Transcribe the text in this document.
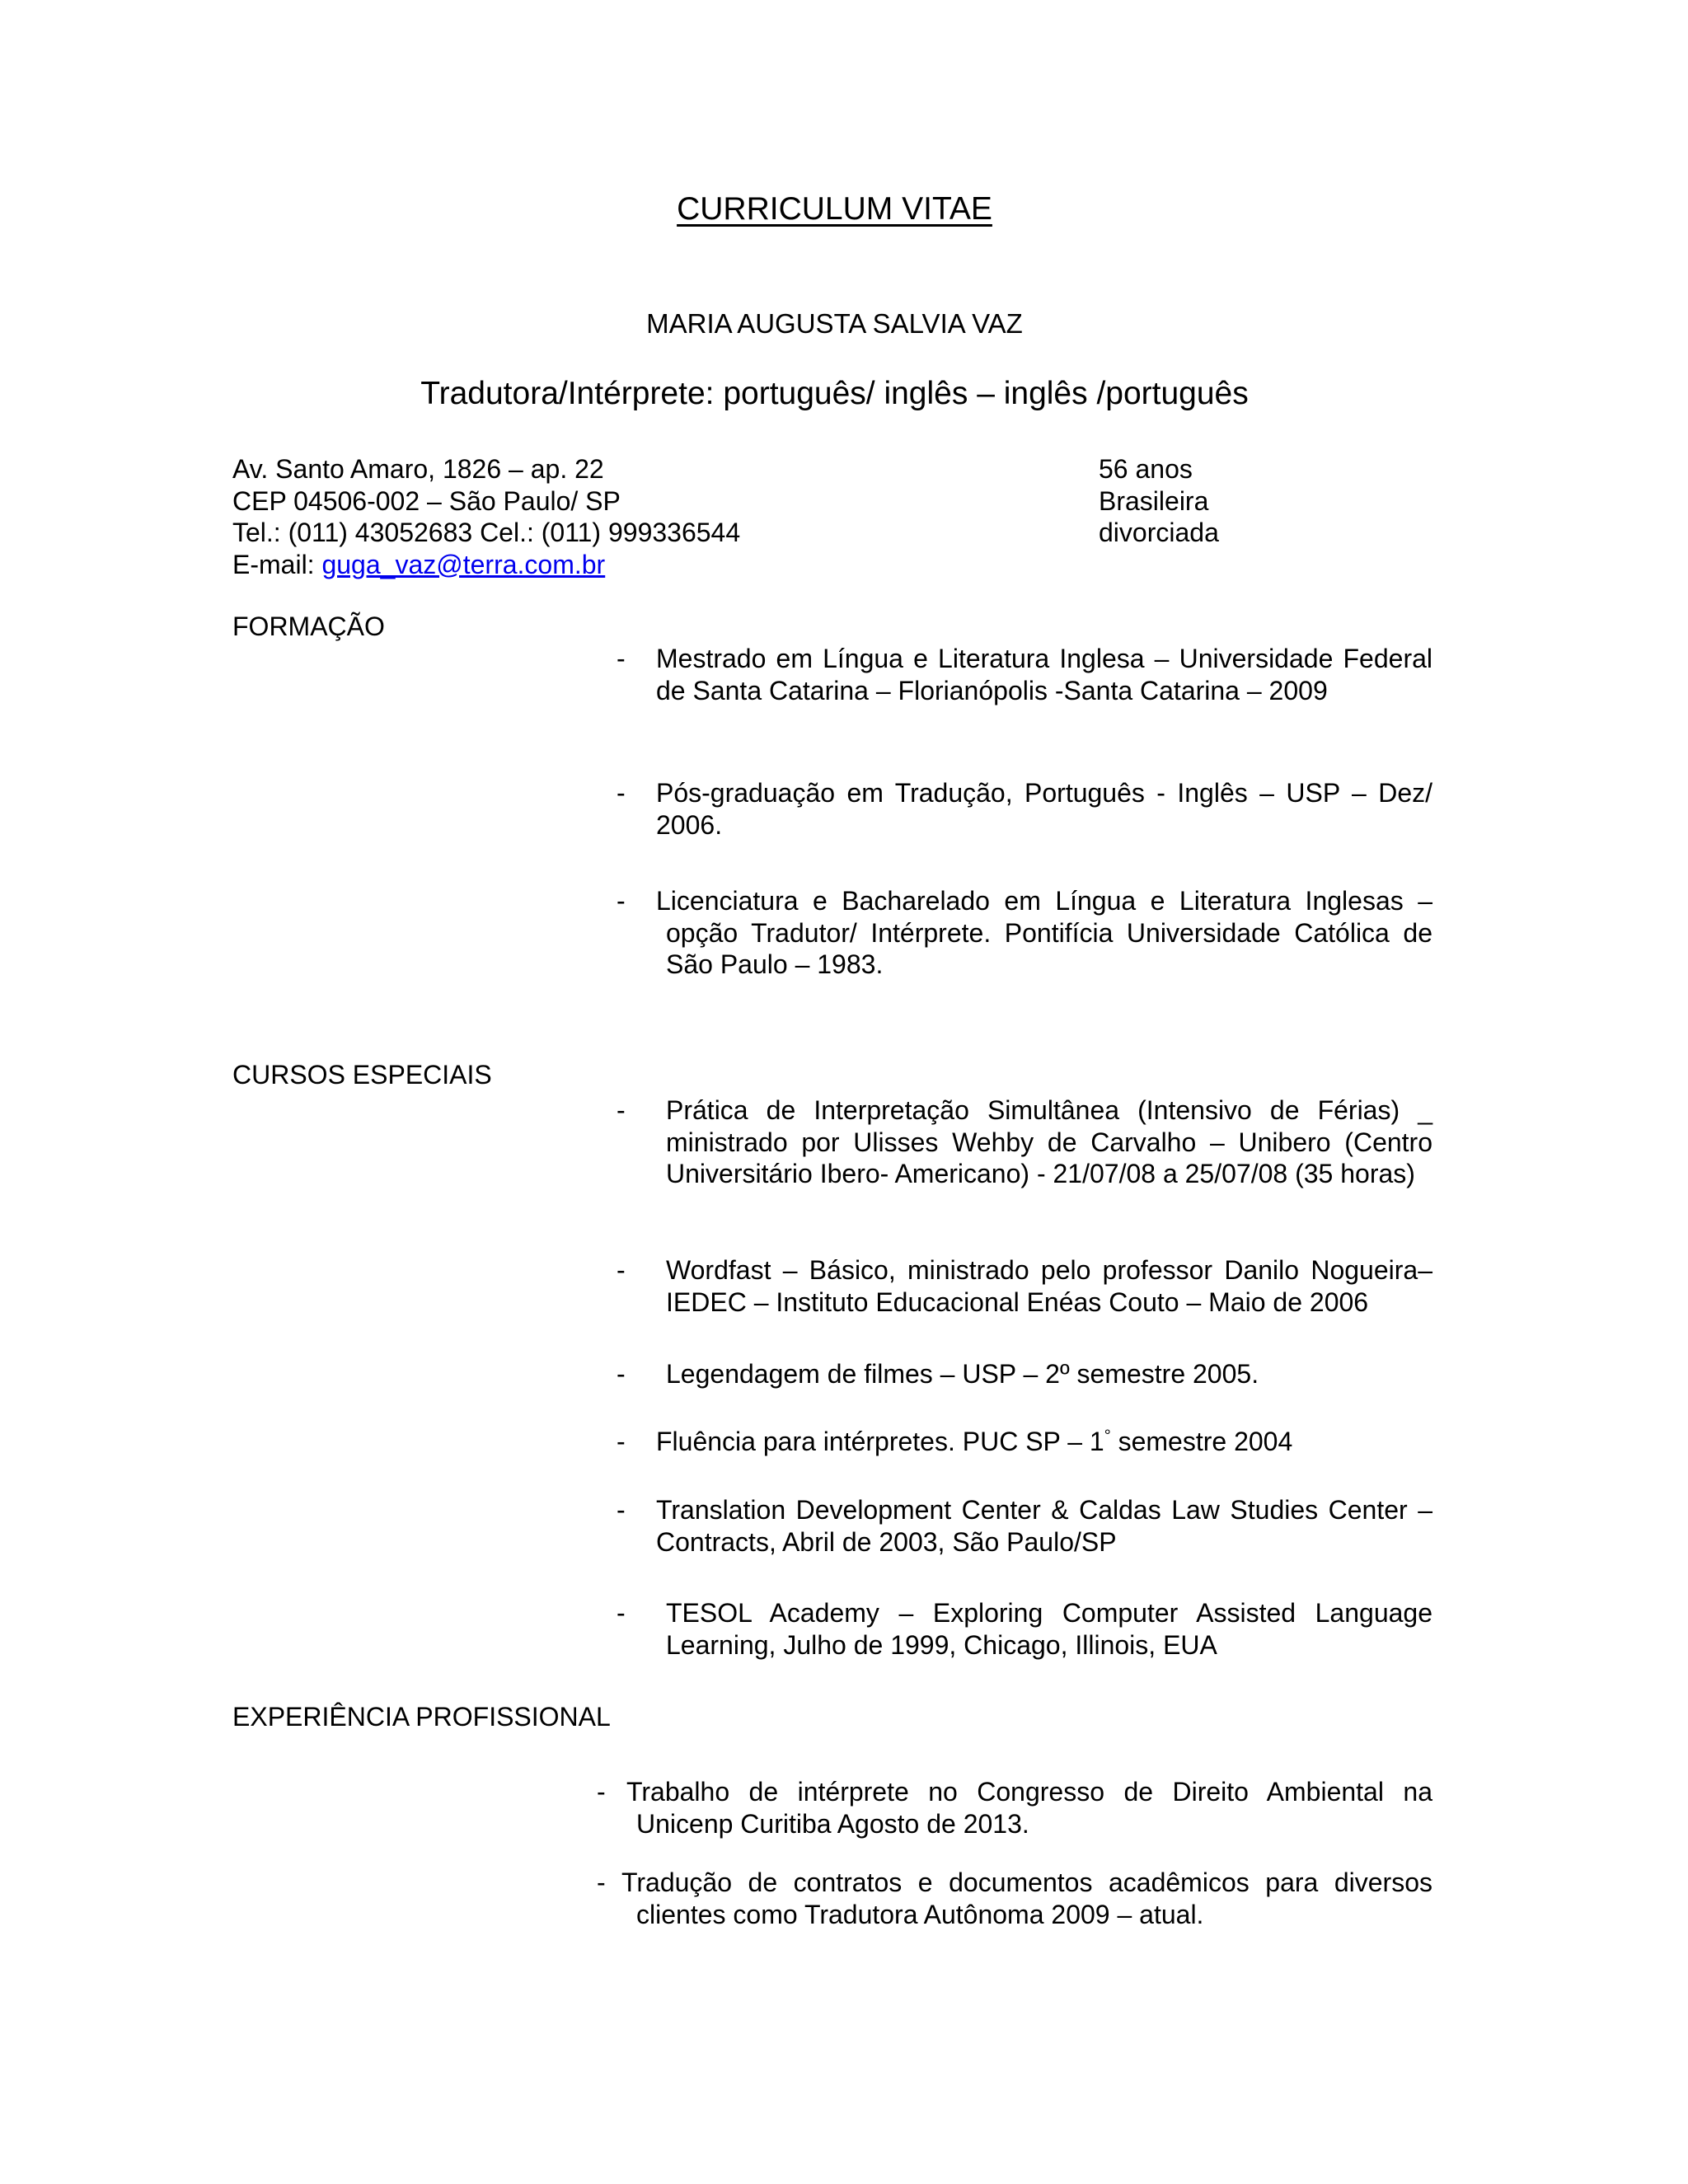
CURRICULUM VITAE
MARIA AUGUSTA SALVIA VAZ
Tradutora/Intérprete: português/ inglês – inglês /português
Av. Santo Amaro, 1826 – ap. 22
CEP 04506-002 – São Paulo/ SP
Tel.: (011) 43052683 Cel.: (011) 999336544
E-mail: guga_vaz@terra.com.br
56 anos
Brasileira
divorciada
FORMAÇÃO
- Mestrado em Língua e Literatura Inglesa – Universidade Federal de Santa Catarina – Florianópolis -Santa Catarina – 2009
- Pós-graduação em Tradução, Português - Inglês – USP – Dez/ 2006.
- Licenciatura e Bacharelado em Língua e Literatura Inglesas – opção Tradutor/ Intérprete. Pontifícia Universidade Católica de São Paulo – 1983.
CURSOS ESPECIAIS
- Prática de Interpretação Simultânea (Intensivo de Férias) _ ministrado por Ulisses Wehby de Carvalho – Unibero (Centro Universitário Ibero- Americano) - 21/07/08 a 25/07/08 (35 horas)
- Wordfast – Básico, ministrado pelo professor Danilo Nogueira– IEDEC – Instituto Educacional Enéas Couto – Maio de 2006
- Legendagem de filmes – USP – 2º semestre 2005.
- Fluência para intérpretes. PUC SP – 1° semestre 2004
- Translation Development Center & Caldas Law Studies Center – Contracts, Abril de 2003, São Paulo/SP
- TESOL Academy – Exploring Computer Assisted Language Learning, Julho de 1999, Chicago, Illinois, EUA
EXPERIÊNCIA PROFISSIONAL
- Trabalho de intérprete no Congresso de Direito Ambiental na Unicenp Curitiba Agosto de 2013.
- Tradução de contratos e documentos acadêmicos para diversos clientes como Tradutora Autônoma 2009 – atual.
